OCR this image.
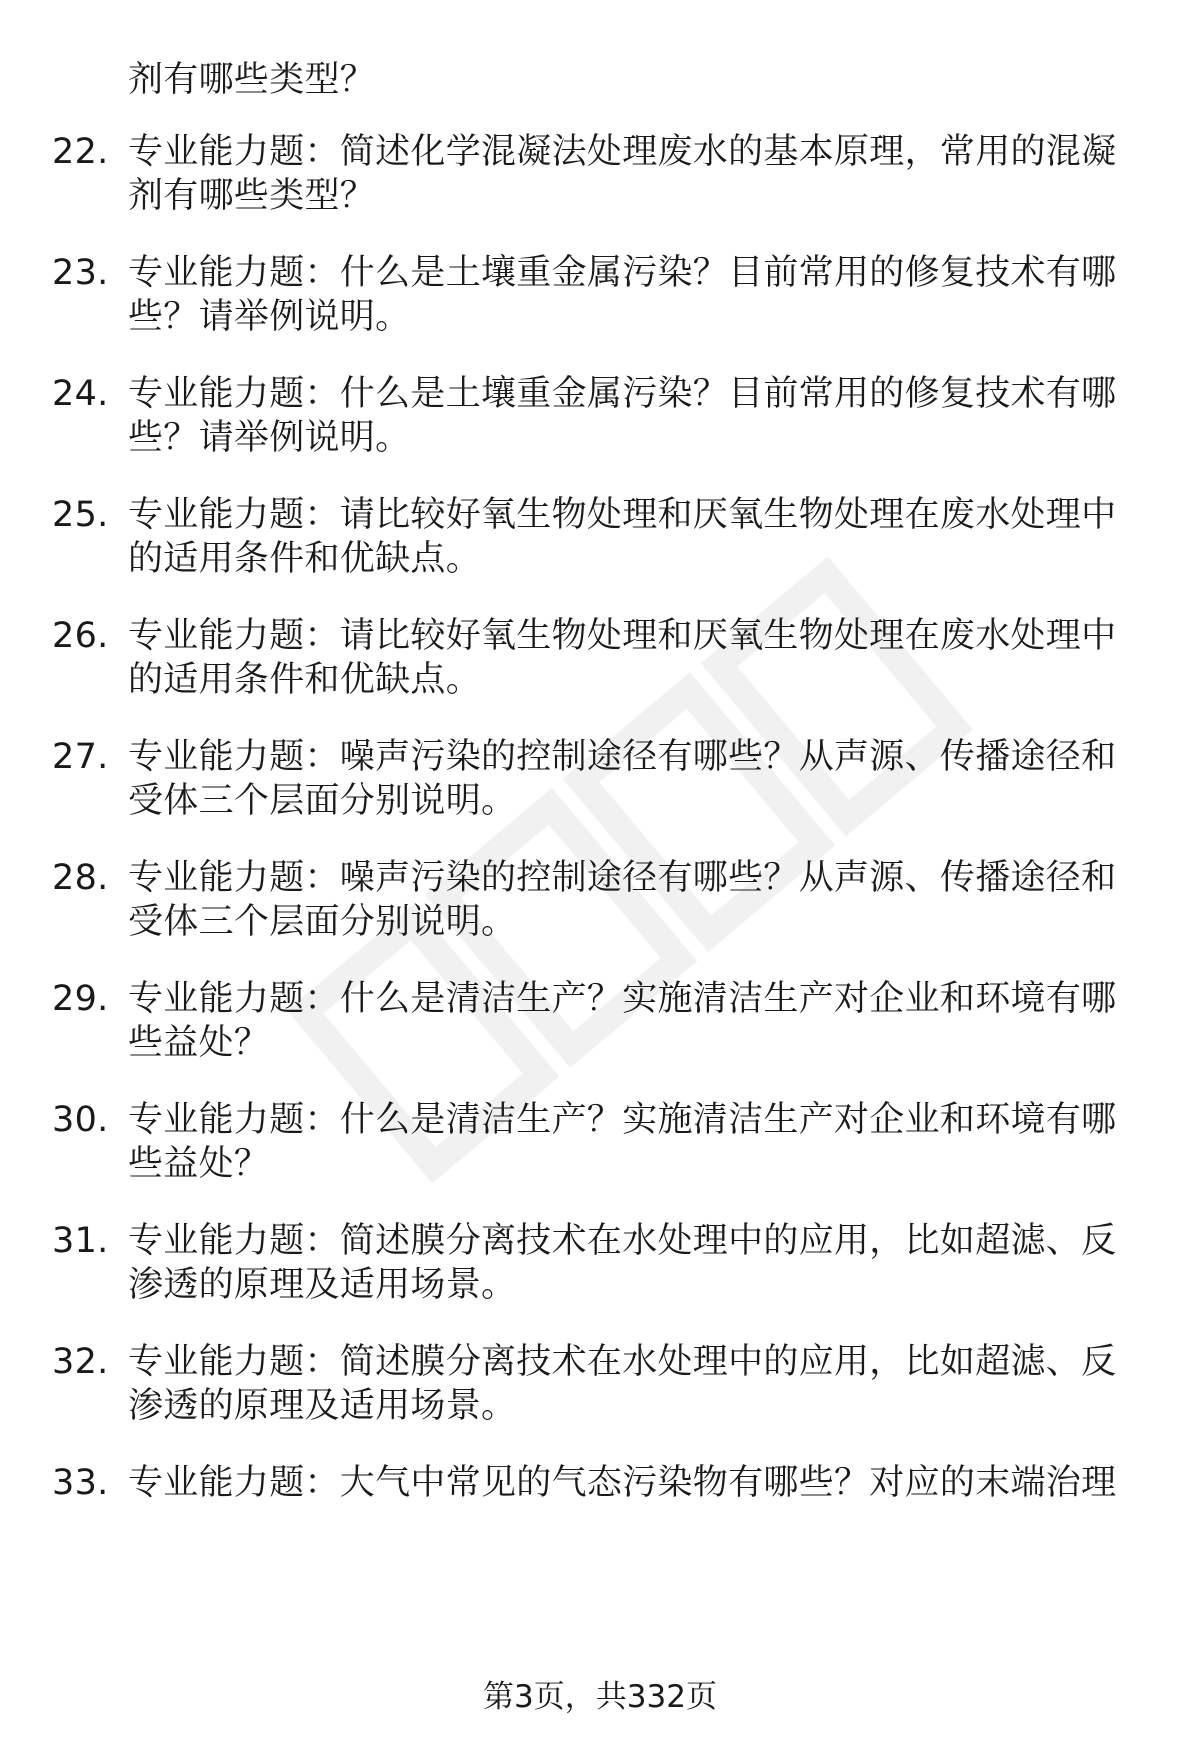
剂有哪些类型？
22. 专业能力题：简述化学混凝法处理废水的基本原理，常用的混凝
剂有哪些类型？
23. 专业能力题：什么是土壤重金属污染？目前常用的修复技术有哪
些？请举例说明。
24. 专业能力题：什么是土壤重金属污染？目前常用的修复技术有哪
些？请举例说明。
25. 专业能力题：请比较好氧生物处理和厌氧生物处理在废水处理中
的适用条件和优缺点。
26. 专业能力题：请比较好氧生物处理和厌氧生物处理在废水处理中
的适用条件和优缺点。
27. 专业能力题：噪声污染的控制途径有哪些？从声源、传播途径和
受体三个层面分别说明。
28. 专业能力题：噪声污染的控制途径有哪些？从声源、传播途径和
受体三个层面分别说明。
29. 专业能力题：什么是清洁生产？实施清洁生产对企业和环境有哪
些益处？
30. 专业能力题：什么是清洁生产？实施清洁生产对企业和环境有哪
些益处？
31. 专业能力题：简述膜分离技术在水处理中的应用，比如超滤、反
渗透的原理及适用场景。
32. 专业能力题：简述膜分离技术在水处理中的应用，比如超滤、反
渗透的原理及适用场景。
33. 专业能力题：大气中常见的气态污染物有哪些？对应的末端治理
第3页，共332页
